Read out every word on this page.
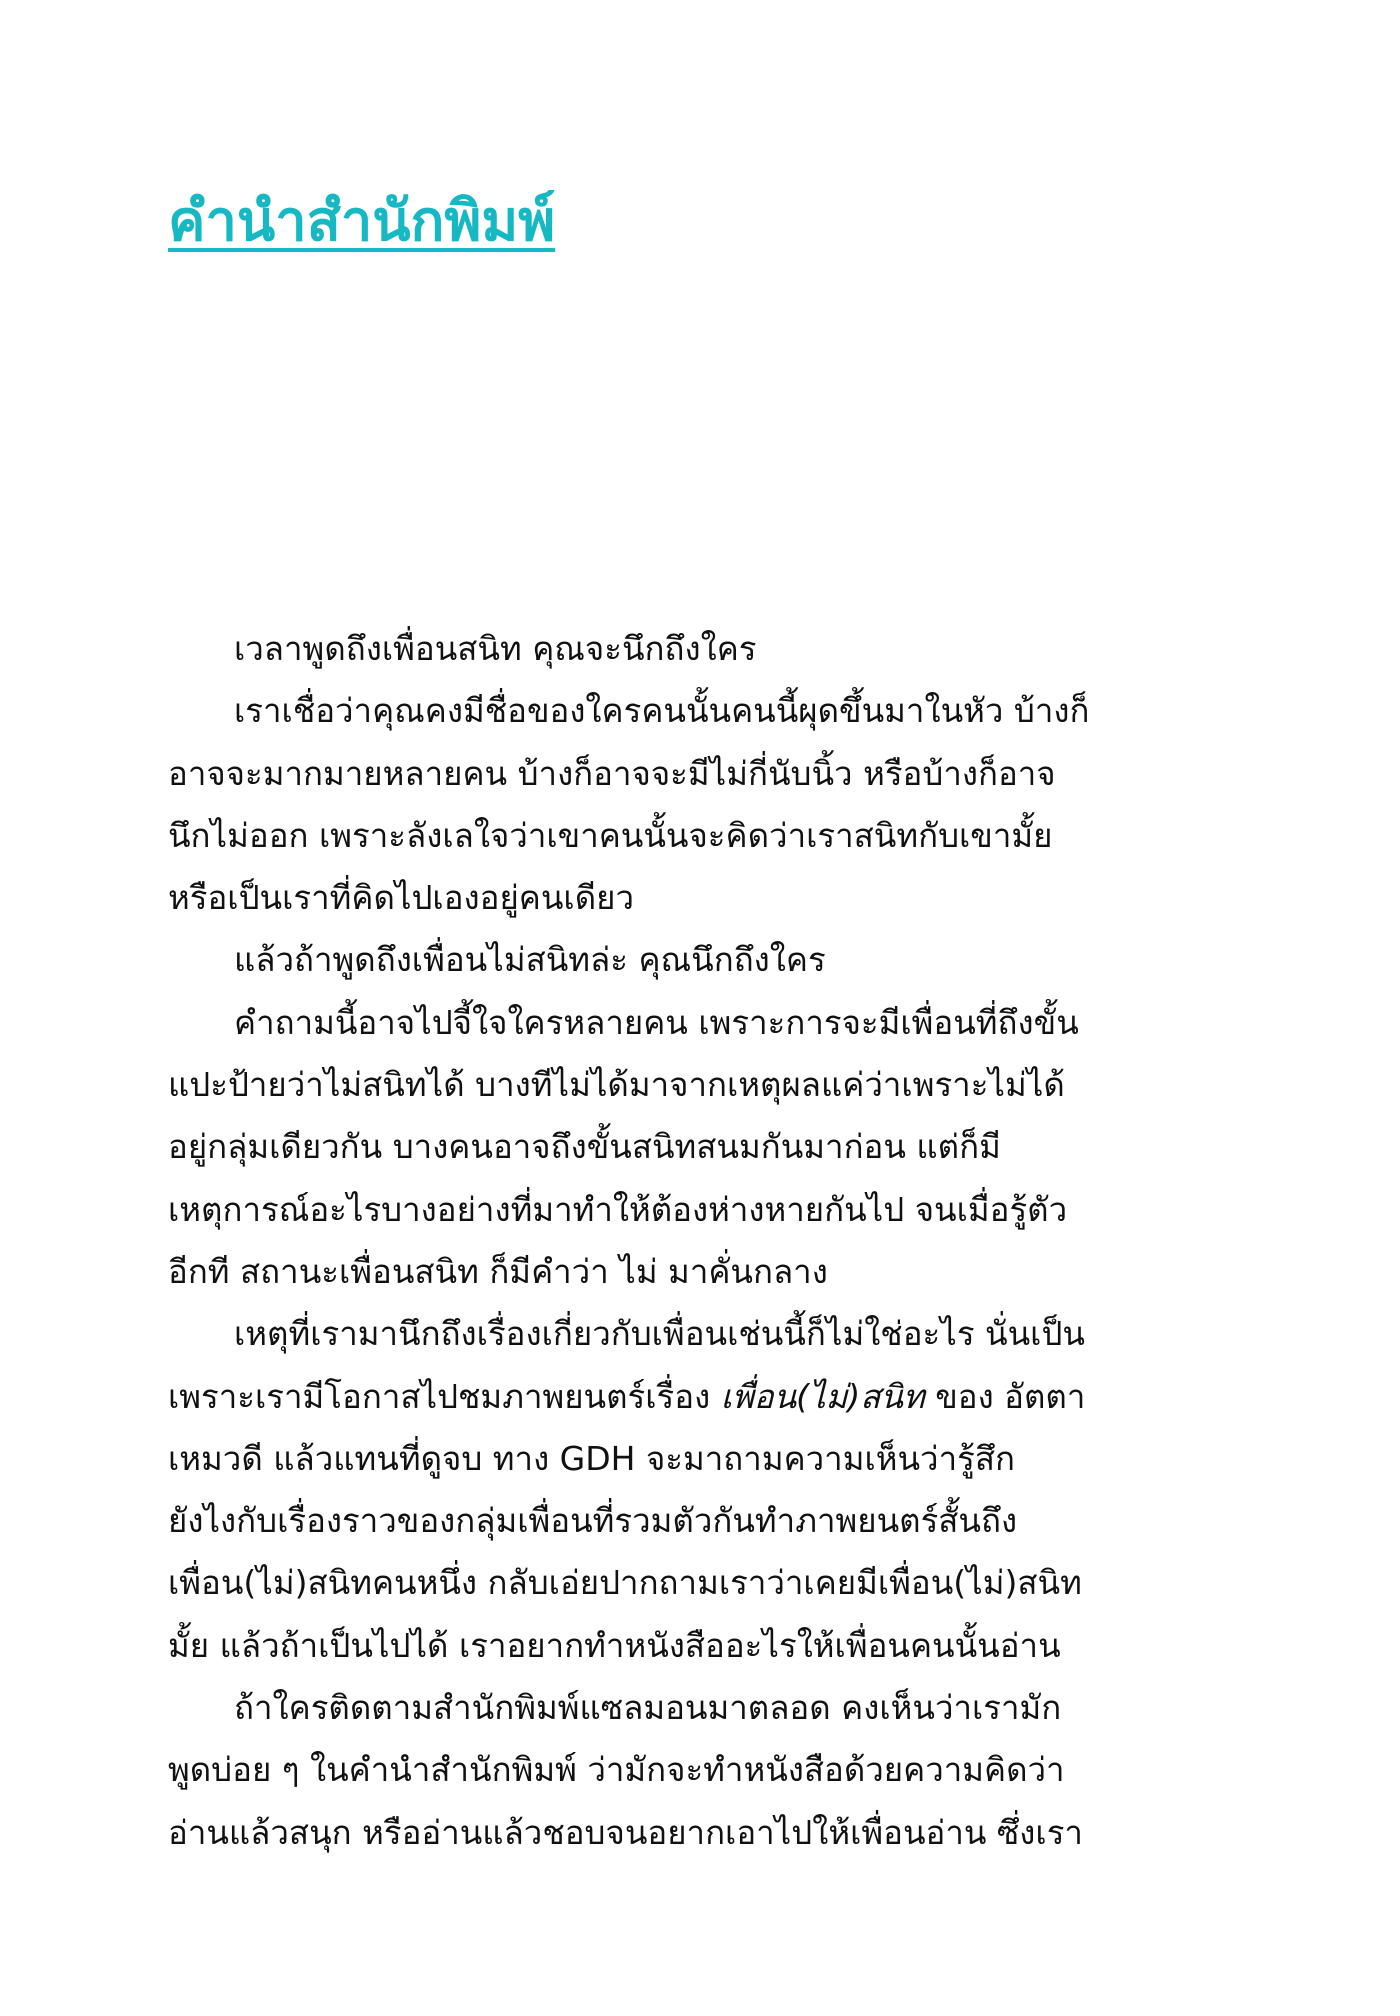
คำนำสำนักพิมพ์
เวลาพูดถึงเพื่อนสนิท คุณจะนึกถึงใคร
เราเชื่อว่าคุณคงมีชื่อของใครคนนั้นคนนี้ผุดขึ้นมาในหัว บ้างก็
อาจจะมากมายหลายคน บ้างก็อาจจะมีไม่กี่นับนิ้ว หรือบ้างก็อาจ
นึกไม่ออก เพราะลังเลใจว่าเขาคนนั้นจะคิดว่าเราสนิทกับเขามั้ย
หรือเป็นเราที่คิดไปเองอยู่คนเดียว
แล้วถ้าพูดถึงเพื่อนไม่สนิทล่ะ คุณนึกถึงใคร
คำถามนี้อาจไปจี้ใจใครหลายคน เพราะการจะมีเพื่อนที่ถึงขั้น
แปะป้ายว่าไม่สนิทได้ บางทีไม่ได้มาจากเหตุผลแค่ว่าเพราะไม่ได้
อยู่กลุ่มเดียวกัน บางคนอาจถึงขั้นสนิทสนมกันมาก่อน แต่ก็มี
เหตุการณ์อะไรบางอย่างที่มาทำให้ต้องห่างหายกันไป จนเมื่อรู้ตัว
อีกที สถานะเพื่อนสนิท ก็มีคำว่า ไม่ มาคั่นกลาง
เหตุที่เรามานึกถึงเรื่องเกี่ยวกับเพื่อนเช่นนี้ก็ไม่ใช่อะไร นั่นเป็น
เพราะเรามีโอกาสไปชมภาพยนตร์เรื่อง เพื่อน(ไม่)สนิท ของ อัตตา
เหมวดี แล้วแทนที่ดูจบ ทาง GDH จะมาถามความเห็นว่ารู้สึก
ยังไงกับเรื่องราวของกลุ่มเพื่อนที่รวมตัวกันทำภาพยนตร์สั้นถึง
เพื่อน(ไม่)สนิทคนหนึ่ง กลับเอ่ยปากถามเราว่าเคยมีเพื่อน(ไม่)สนิท
มั้ย แล้วถ้าเป็นไปได้ เราอยากทำหนังสืออะไรให้เพื่อนคนนั้นอ่าน
ถ้าใครติดตามสำนักพิมพ์แซลมอนมาตลอด คงเห็นว่าเรามัก
พูดบ่อย ๆ ในคำนำสำนักพิมพ์ ว่ามักจะทำหนังสือด้วยความคิดว่า
อ่านแล้วสนุก หรืออ่านแล้วชอบจนอยากเอาไปให้เพื่อนอ่าน ซึ่งเรา
